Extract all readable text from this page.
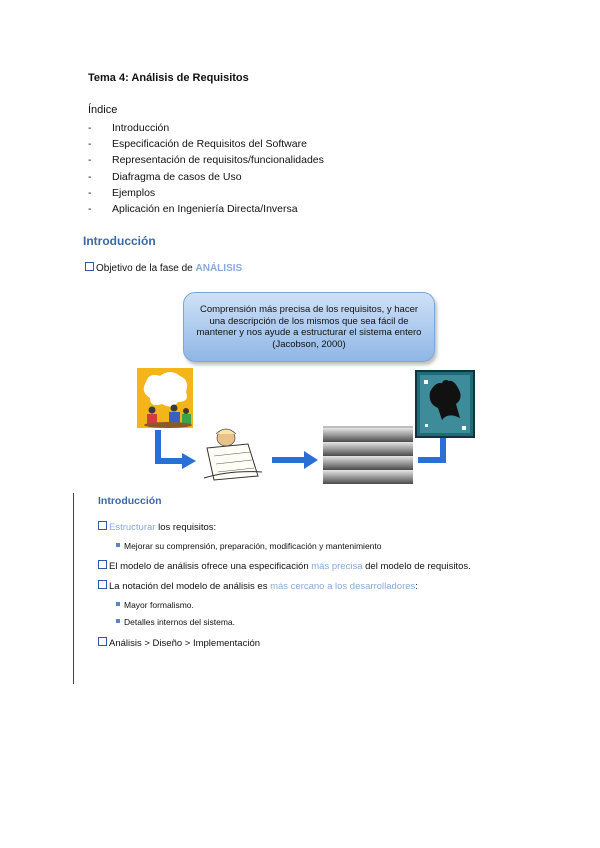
Tema 4: Análisis de Requisitos
Índice
- Introducción
- Especificación de Requisitos del Software
- Representación de requisitos/funcionalidades
- Diafragma de casos de Uso
- Ejemplos
- Aplicación en Ingeniería Directa/Inversa
Introducción
Objetivo de la fase de ANÁLISIS
Comprensión más precisa de los requisitos, y hacer una descripción de los mismos que sea fácil de mantener y nos ayude a estructurar el sistema entero (Jacobson, 2000)
Introducción
Estructurar los requisitos:
Mejorar su comprensión, preparación, modificación y mantenimiento
El modelo de análisis ofrece una especificación más precisa del modelo de requisitos.
La notación del modelo de análisis es más cercano a los desarrolladores:
Mayor formalismo.
Detalles internos del sistema.
Análisis > Diseño > Implementación
